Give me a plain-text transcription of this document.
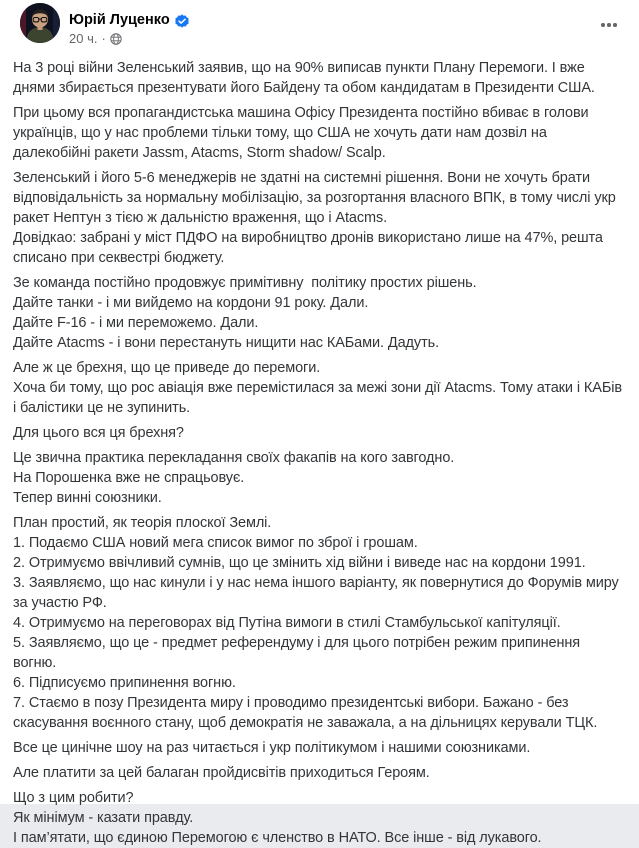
Юрій Луценко
20 ч. ·
На 3 році війни Зеленський заявив, що на 90% виписав пункти Плану Перемоги. І вже днями збирається презентувати його Байдену та обом кандидатам в Президенти США.
При цьому вся пропагандистська машина Офісу Президента постійно вбиває в голови українців, що у нас проблеми тільки тому, що США не хочуть дати нам дозвіл на далекобійні ракети Jassm, Atacms, Storm shadow/ Scalp.
Зеленський і його 5-6 менеджерів не здатні на системні рішення. Вони не хочуть брати відповідальність за нормальну мобілізацію, за розгортання власного ВПК, в тому числі укр ракет Нептун з тією ж дальністю враження, що і Atacms.
Довідкао: забрані у міст ПДФО на виробництво дронів використано лише на 47%, решта списано при секвестрі бюджету.
Зе команда постійно продовжує примітивну  політику простих рішень.
Дайте танки - і ми вийдемо на кордони 91 року. Дали.
Дайте F-16 - і ми переможемо. Дали.
Дайте Atacms - і вони перестануть нищити нас КАБами. Дадуть.
Але ж це брехня, що це приведе до перемоги.
Хоча би тому, що рос авіація вже перемістилася за межі зони дії Atacms. Тому атаки і КАБів і балістики це не зупинить.
Для цього вся ця брехня?
Це звична практика перекладання своїх факапів на кого завгодно.
На Порошенка вже не спрацьовує.
Тепер винні союзники.
План простий, як теорія плоскої Землі.
1. Подаємо США новий мега список вимог по зброї і грошам.
2. Отримуємо ввічливий сумнів, що це змінить хід війни і виведе нас на кордони 1991.
3. Заявляємо, що нас кинули і у нас нема іншого варіанту, як повернутися до Форумів миру за участю РФ.
4. Отримуємо на переговорах від Путіна вимоги в стилі Стамбульської капітуляції.
5. Заявляємо, що це - предмет референдуму і для цього потрібен режим припинення вогню.
6. Підписуємо припинення вогню.
7. Стаємо в позу Президента миру і проводимо президентські вибори. Бажано - без скасування воєнного стану, щоб демократія не заважала, а на дільницях керували ТЦК.
Все це цинічне шоу на раз читається і укр політикумом і нашими союзниками.
Але платити за цей балаган пройдисвітів приходиться Героям.
Що з цим робити?
Як мінімум - казати правду.
І пам’ятати, що єдиною Перемогою є членство в НАТО. Все інше - від лукавого.
